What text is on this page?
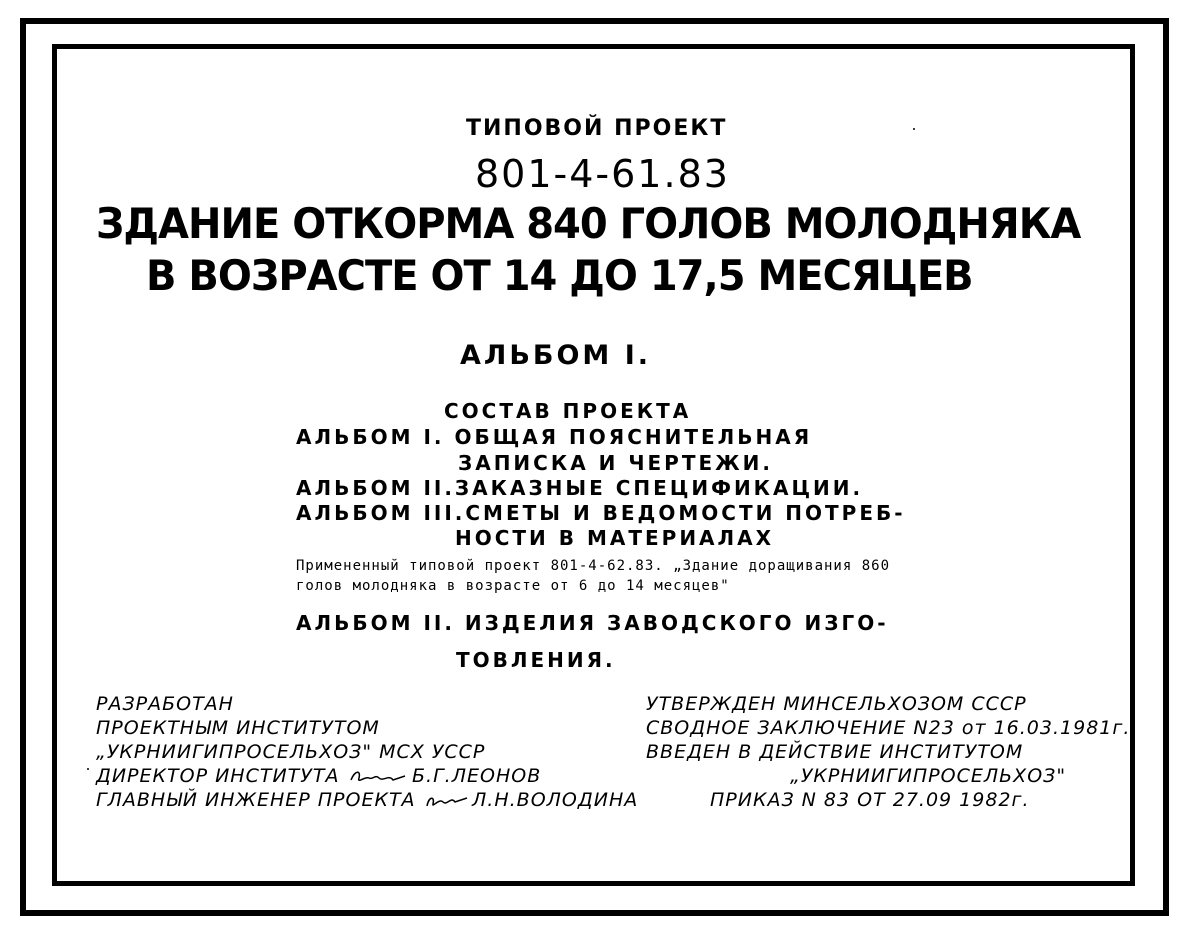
ТИПОВОЙ ПРОЕКТ
801-4-61.83
ЗДАНИЕ ОТКОРМА 840 ГОЛОВ МОЛОДНЯКА
В ВОЗРАСТЕ ОТ 14 ДО 17,5 МЕСЯЦЕВ
АЛЬБОМ I.
СОСТАВ ПРОЕКТА
АЛЬБОМ I. ОБЩАЯ ПОЯСНИТЕЛЬНАЯ
ЗАПИСКА И ЧЕРТЕЖИ.
АЛЬБОМ II.ЗАКАЗНЫЕ СПЕЦИФИКАЦИИ.
АЛЬБОМ III.СМЕТЫ И ВЕДОМОСТИ ПОТРЕБ-
НОСТИ В МАТЕРИАЛАХ
Примененный типовой проект 801-4-62.83. „Здание доращивания 860
голов молодняка в возрасте от 6 до 14 месяцев"
АЛЬБОМ II. ИЗДЕЛИЯ ЗАВОДСКОГО ИЗГО-
ТОВЛЕНИЯ.
РАЗРАБОТАН
ПРОЕКТНЫМ ИНСТИТУТОМ
„УКРНИИГИПРОСЕЛЬХОЗ" МСХ УССР
ДИРЕКТОР ИНСТИТУТА	Б.Г.ЛЕОНОВ
ГЛАВНЫЙ ИНЖЕНЕР ПРОЕКТА	Л.Н.ВОЛОДИНА
УТВЕРЖДЕН МИНСЕЛЬХОЗОМ СССР
СВОДНОЕ ЗАКЛЮЧЕНИЕ N23 от 16.03.1981г.
ВВЕДЕН В ДЕЙСТВИЕ ИНСТИТУТОМ
„УКРНИИГИПРОСЕЛЬХОЗ"
ПРИКАЗ N 83 ОТ 27.09 1982г.
